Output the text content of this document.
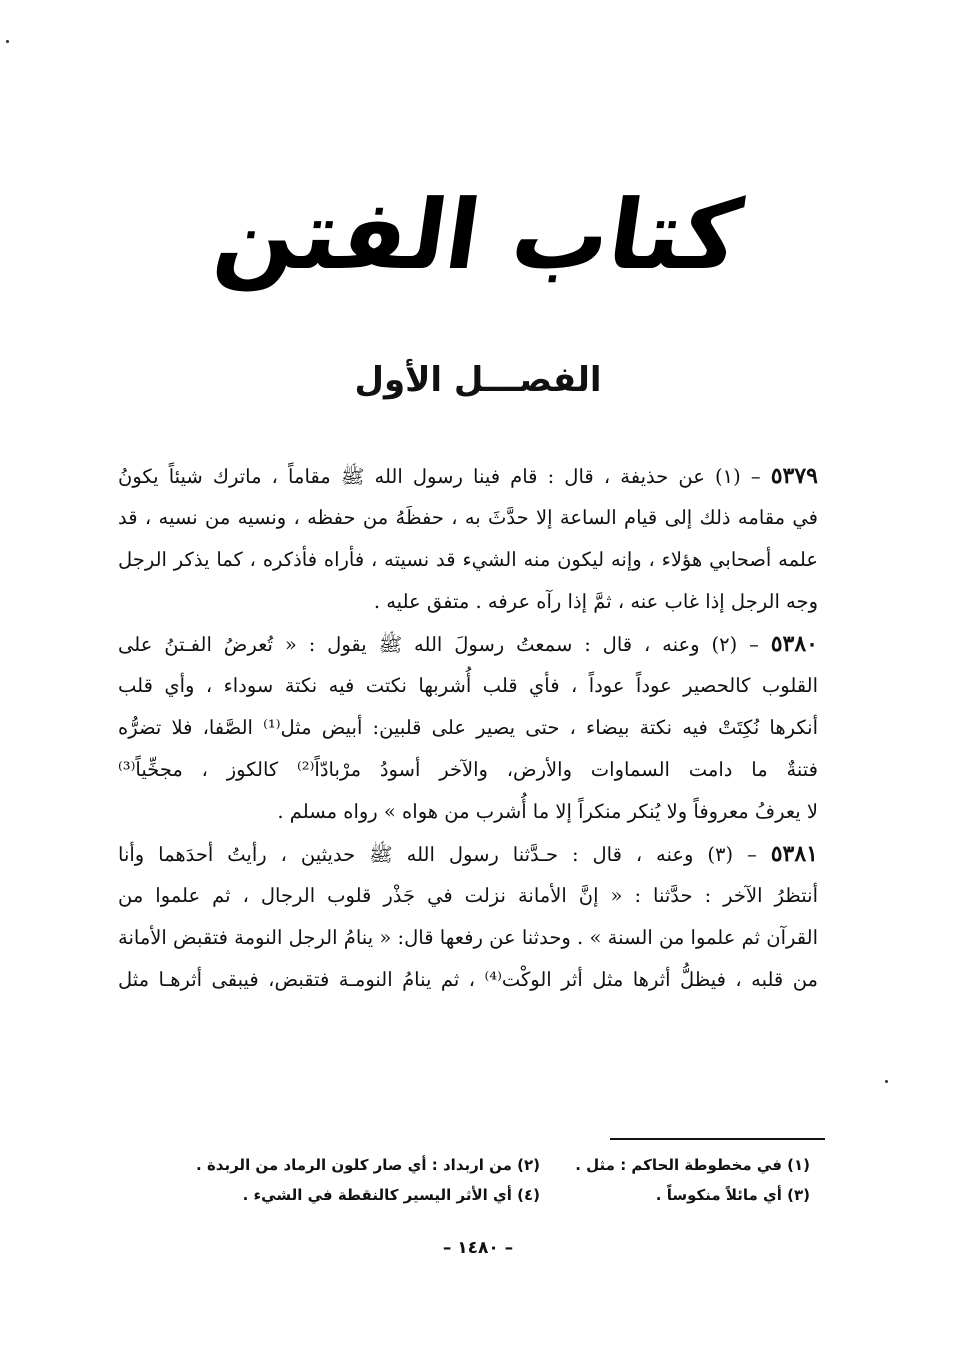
كتاب الفتن
الفصـــل الأول
٥٣٧٩ – (١) عن حذيفة ، قال : قام فينا رسول الله ﷺ مقاماً ، ماترك شيئاً يكونُ
في مقامه ذلك إلى قيام الساعة إلا حدَّثَ به ، حفظَهُ من حفظه ، ونسيه من نسيه ، قد
علمه أصحابي هؤلاء ، وإنه ليكون منه الشيء قد نسيته ، فأراه فأذكره ، كما يذكر الرجل
وجه الرجل إذا غاب عنه ، ثمَّ إذا رآه عرفه . متفق عليه .
٥٣٨٠ – (٢) وعنه ، قال : سمعتُ رسولَ الله ﷺ يقول : « تُعرضُ الفـتنُ على
القلوب كالحصير عوداً عوداً ، فأي قلب أُشربها نكتت فيه نكتة سوداء ، وأي قلب
أنكرها نُكِتَتْ فيه نكتة بيضاء ، حتى يصير على قلبين: أبيض مثل⁽¹⁾ الصَّفا، فلا تضرُّه
فتنةٌ ما دامت السماوات والأرض، والآخر أسودُ مرْبادّاً⁽²⁾ كالكوز ، مجخِّياً⁽³⁾
لا يعرفُ معروفاً ولا يُنكر منكراً إلا ما أُشرب من هواه » رواه مسلم .
٥٣٨١ – (٣) وعنه ، قال : حـدَّثنا رسول الله ﷺ حديثين ، رأيتُ أحدَهما وأنا
أنتظرُ الآخر : حدَّثنا : « إنَّ الأمانة نزلت في جَذْر قلوب الرجال ، ثم علموا من
القرآن ثم علموا من السنة » . وحدثنا عن رفعها قال: « ينامُ الرجل النومة فتقبض الأمانة
من قلبه ، فيظلُّ أثرها مثل أثر الوكْت⁽⁴⁾ ، ثم ينامُ النومـة فتقبض، فيبقى أثرهـا مثل
(١) في مخطوطة الحاكم : مثل .
(٢) من اربداد : أي صار كلون الرماد من الربدة .
(٣) أي مائلاً منكوساً .
(٤) أي الأثر اليسير كالنقطة في الشيء .
– ١٤٨٠ –
